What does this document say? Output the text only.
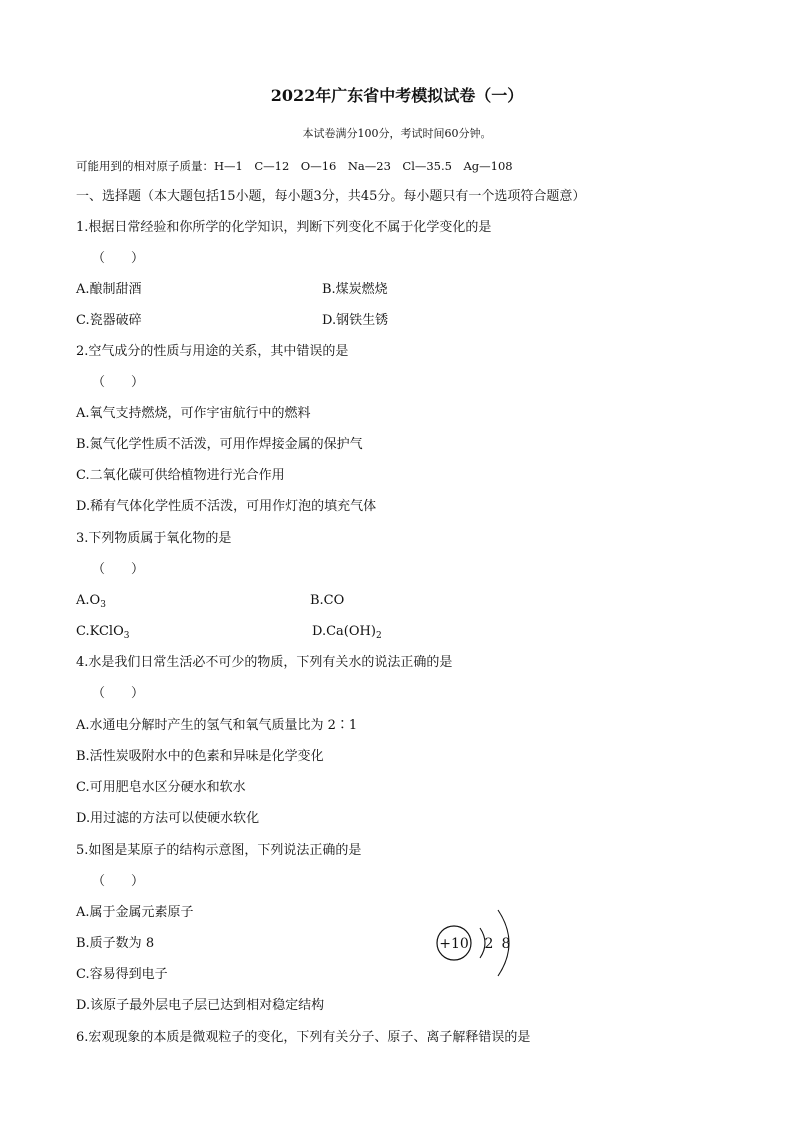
2022年广东省中考模拟试卷（一）
本试卷满分100分，考试时间60分钟。
可能用到的相对原子质量：H—1　C—12　O—16　Na—23　Cl—35.5　Ag—108
一、选择题（本大题包括15小题，每小题3分，共45分。每小题只有一个选项符合题意）
1.根据日常经验和你所学的化学知识，判断下列变化不属于化学变化的是
（　　）
A.酿制甜酒	B.煤炭燃烧
C.瓷器破碎	D.钢铁生锈
2.空气成分的性质与用途的关系，其中错误的是
（　　）
A.氧气支持燃烧，可作宇宙航行中的燃料
B.氮气化学性质不活泼，可用作焊接金属的保护气
C.二氧化碳可供给植物进行光合作用
D.稀有气体化学性质不活泼，可用作灯泡的填充气体
3.下列物质属于氧化物的是
（　　）
$A.O_3$	B.CO
C.KClO$_3$	$D.Ca(OH)_2$
4.水是我们日常生活必不可少的物质，下列有关水的说法正确的是
（　　）
A.水通电分解时产生的氢气和氧气质量比为 2∶1
B.活性炭吸附水中的色素和异味是化学变化
C.可用肥皂水区分硬水和软水
D.用过滤的方法可以使硬水软化
5.如图是某原子的结构示意图，下列说法正确的是
（　　）
A.属于金属元素原子
B.质子数为 8
C.容易得到电子
D.该原子最外层电子层已达到相对稳定结构
+10 2 8
6.宏观现象的本质是微观粒子的变化，下列有关分子、原子、离子解释错误的是
